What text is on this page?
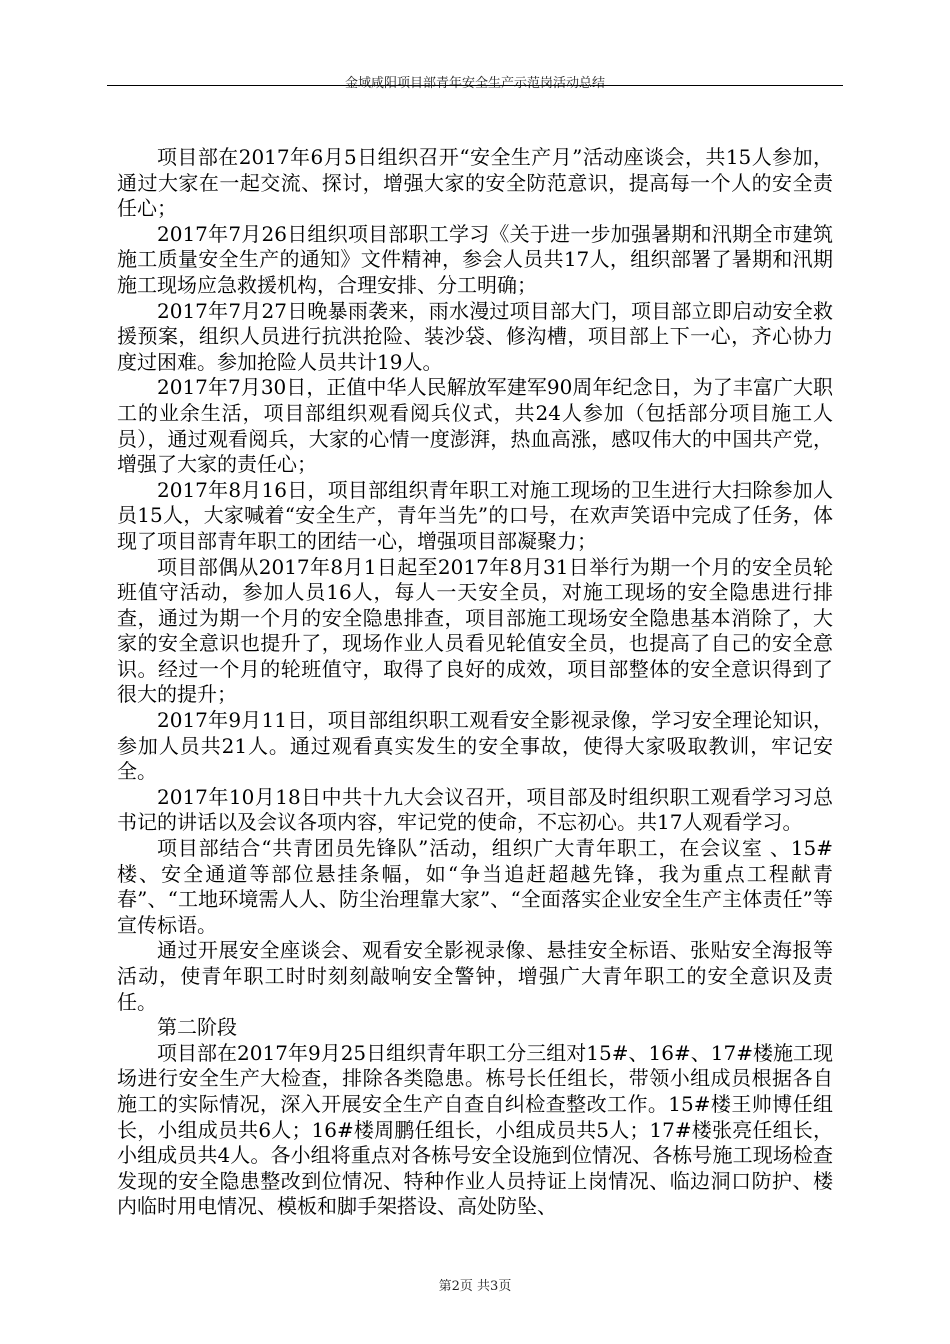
金域咸阳项目部青年安全生产示范岗活动总结

项目部在2017年6月5日组织召开“安全生产月”活动座谈会，共15人参加，通过大家在一起交流、探讨，增强大家的安全防范意识，提高每一个人的安全责任心；

2017年7月26日组织项目部职工学习《关于进一步加强暑期和汛期全市建筑施工质量安全生产的通知》文件精神，参会人员共17人，组织部署了暑期和汛期施工现场应急救援机构，合理安排、分工明确；

2017年7月27日晚暴雨袭来，雨水漫过项目部大门，项目部立即启动安全救援预案，组织人员进行抗洪抢险、装沙袋、修沟槽，项目部上下一心，齐心协力度过困难。参加抢险人员共计19人。

2017年7月30日，正值中华人民解放军建军90周年纪念日，为了丰富广大职工的业余生活，项目部组织观看阅兵仪式，共24人参加（包括部分项目施工人员），通过观看阅兵，大家的心情一度澎湃，热血高涨，感叹伟大的中国共产党，增强了大家的责任心；

2017年8月16日，项目部组织青年职工对施工现场的卫生进行大扫除参加人员15人，大家喊着“安全生产，青年当先”的口号，在欢声笑语中完成了任务，体现了项目部青年职工的团结一心，增强项目部凝聚力；

项目部偶从2017年8月1日起至2017年8月31日举行为期一个月的安全员轮班值守活动，参加人员16人，每人一天安全员，对施工现场的安全隐患进行排查，通过为期一个月的安全隐患排查，项目部施工现场安全隐患基本消除了，大家的安全意识也提升了，现场作业人员看见轮值安全员，也提高了自己的安全意识。经过一个月的轮班值守，取得了良好的成效，项目部整体的安全意识得到了很大的提升；

2017年9月11日，项目部组织职工观看安全影视录像，学习安全理论知识，参加人员共21人。通过观看真实发生的安全事故，使得大家吸取教训，牢记安全。

2017年10月18日中共十九大会议召开，项目部及时组织职工观看学习习总书记的讲话以及会议各项内容，牢记党的使命，不忘初心。共17人观看学习。

项目部结合“共青团员先锋队”活动，组织广大青年职工，在会议室 、15#楼、安全通道等部位悬挂条幅，如“争当追赶超越先锋，我为重点工程献青春”、“工地环境需人人、防尘治理靠大家”、“全面落实企业安全生产主体责任”等宣传标语。

通过开展安全座谈会、观看安全影视录像、悬挂安全标语、张贴安全海报等活动，使青年职工时时刻刻敲响安全警钟，增强广大青年职工的安全意识及责任。

第二阶段

项目部在2017年9月25日组织青年职工分三组对15#、16#、17#楼施工现场进行安全生产大检查，排除各类隐患。栋号长任组长，带领小组成员根据各自施工的实际情况，深入开展安全生产自查自纠检查整改工作。15#楼王帅博任组长，小组成员共6人；16#楼周鹏任组长，小组成员共5人；17#楼张亮任组长，小组成员共4人。各小组将重点对各栋号安全设施到位情况、各栋号施工现场检查发现的安全隐患整改到位情况、特种作业人员持证上岗情况、临边洞口防护、楼内临时用电情况、模板和脚手架搭设、高处防坠、

第2页 共3页
